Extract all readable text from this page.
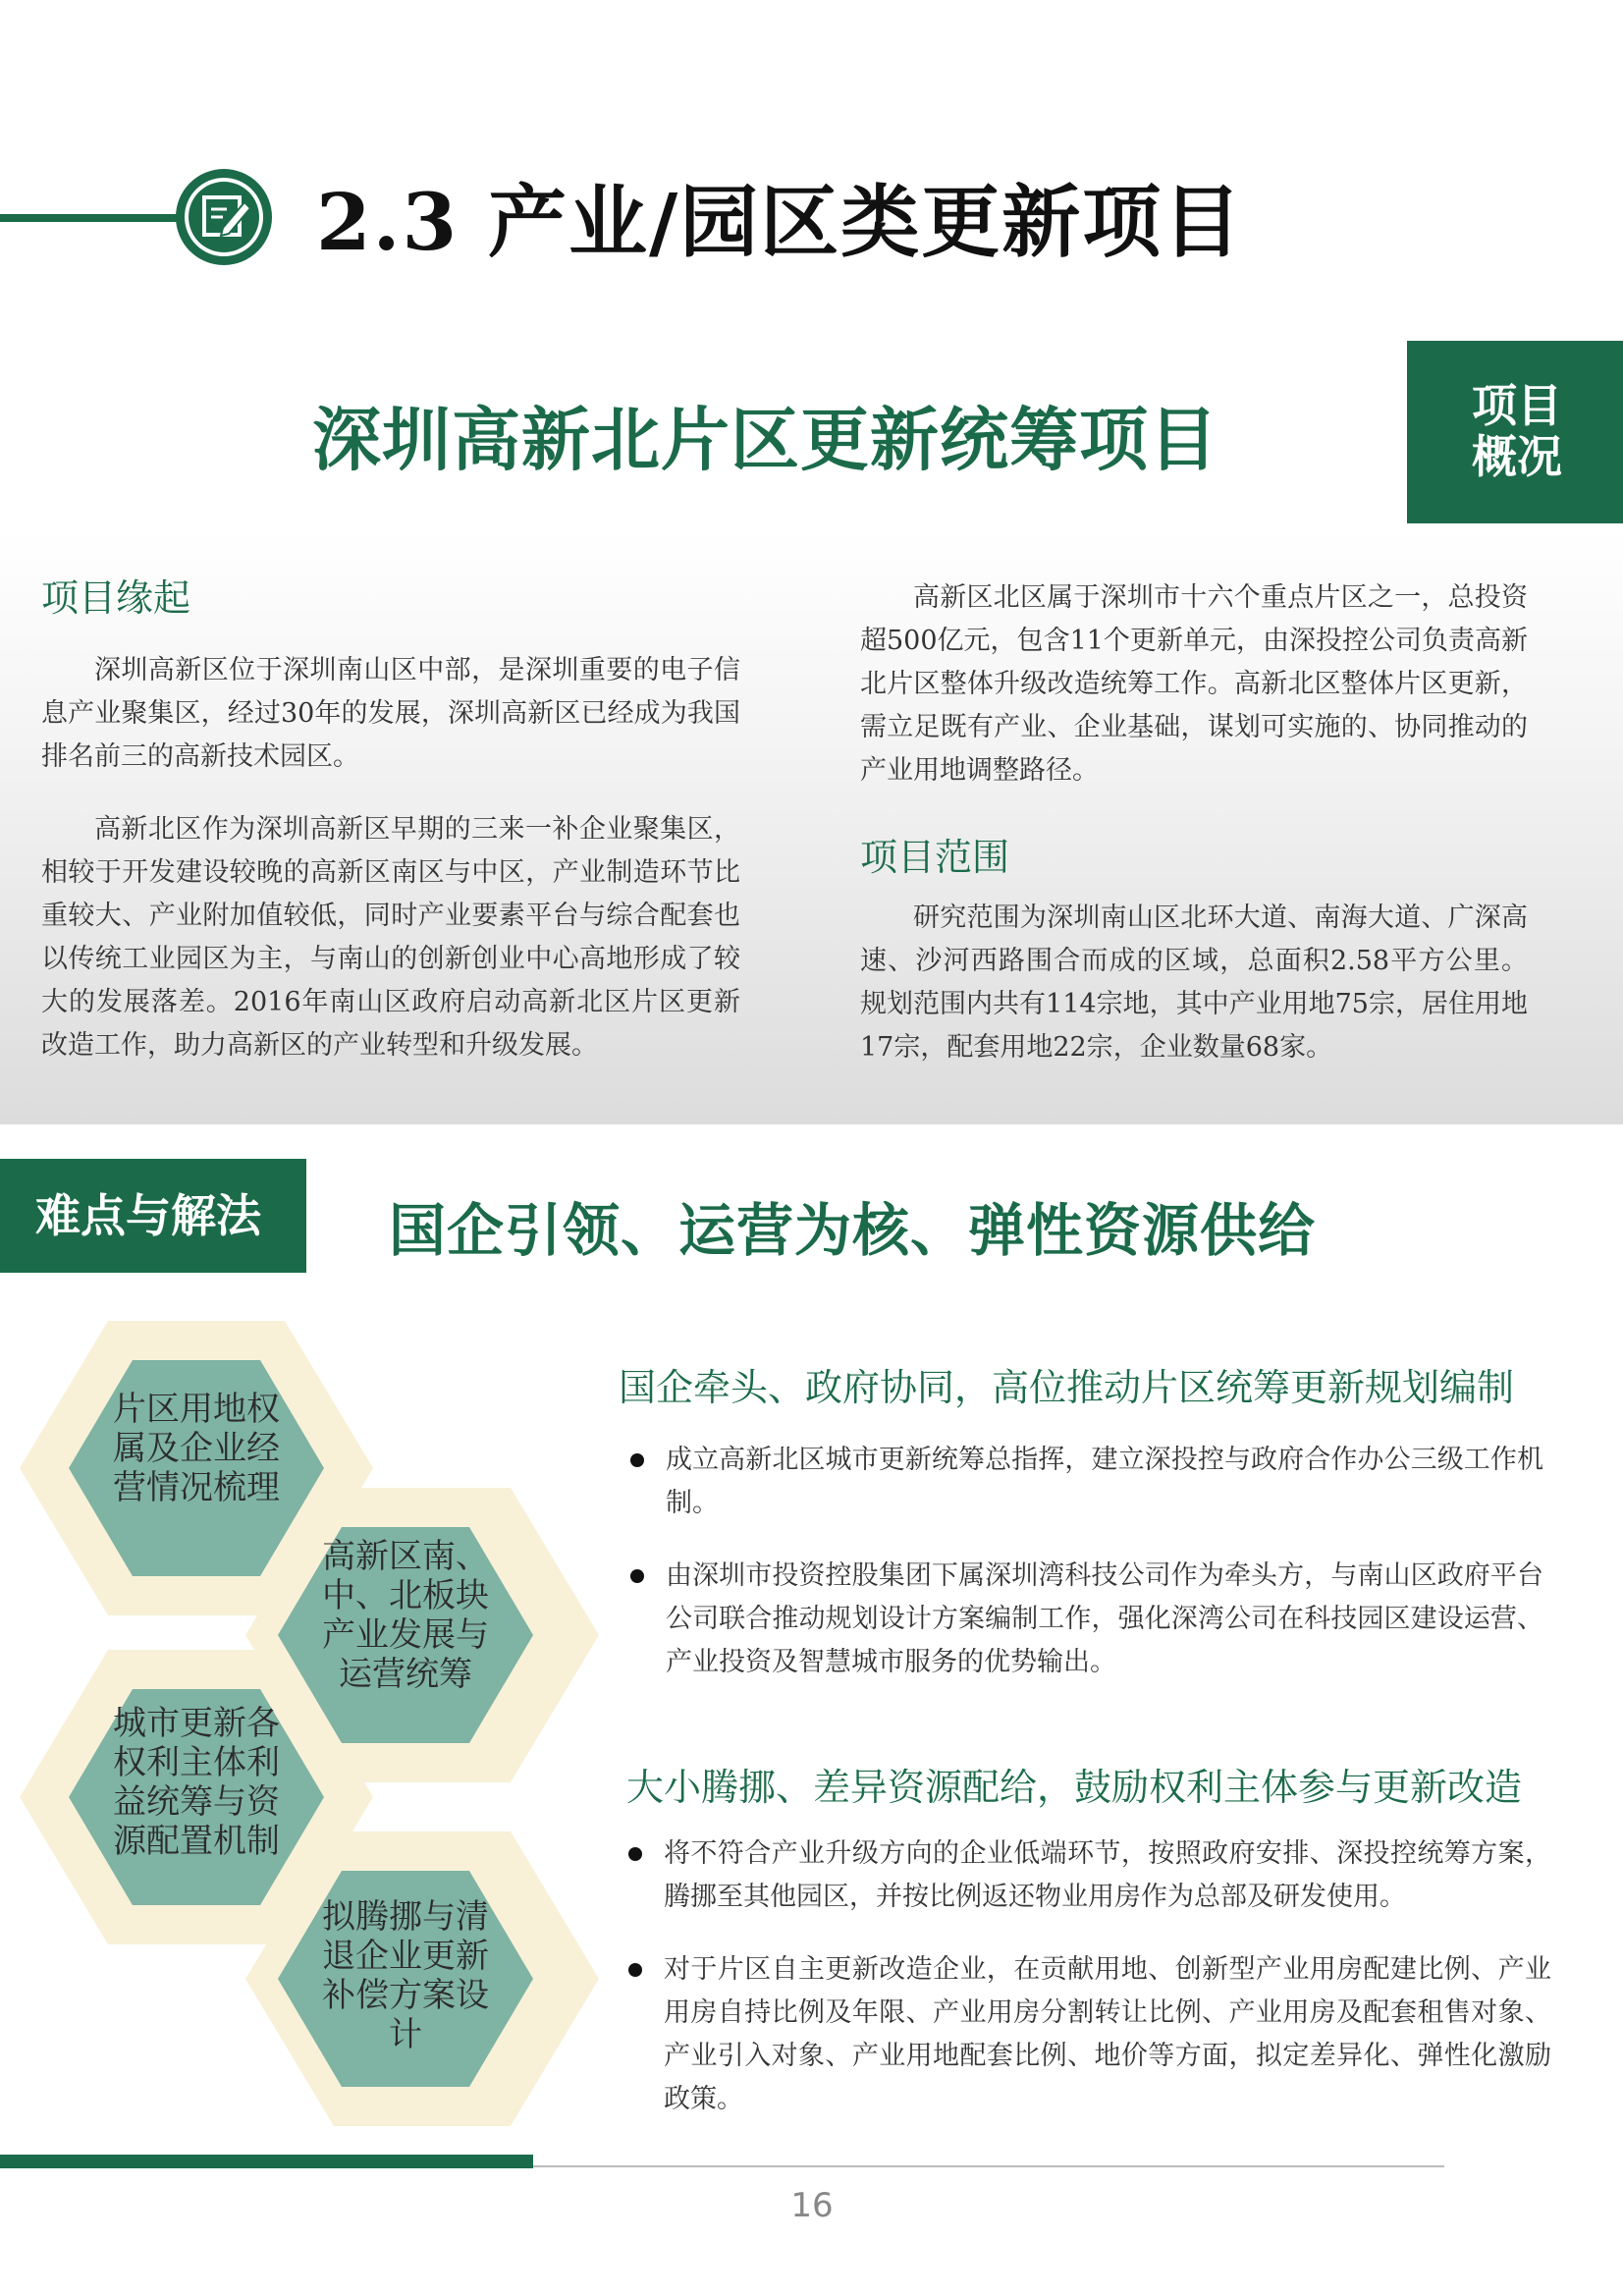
2.3 产业/园区类更新项目
深圳高新北片区更新统筹项目	项目
概况
项目缘起

深圳高新区位于深圳南山区中部，是深圳重要的电子信息产业聚集区，经过30年的发展，深圳高新区已经成为我国排名前三的高新技术园区。

高新北区作为深圳高新区早期的三来一补企业聚集区，相较于开发建设较晚的高新区南区与中区，产业制造环节比重较大、产业附加值较低，同时产业要素平台与综合配套也以传统工业园区为主，与南山的创新创业中心高地形成了较大的发展落差。2016年南山区政府启动高新北区片区更新改造工作，助力高新区的产业转型和升级发展。

高新区北区属于深圳市十六个重点片区之一，总投资超500亿元，包含11个更新单元，由深投控公司负责高新北片区整体升级改造统筹工作。高新北区整体片区更新，需立足既有产业、企业基础，谋划可实施的、协同推动的产业用地调整路径。

项目范围

研究范围为深圳南山区北环大道、南海大道、广深高速、沙河西路围合而成的区域，总面积2.58平方公里。规划范围内共有114宗地，其中产业用地75宗，居住用地17宗，配套用地22宗，企业数量68家。

难点与解法	国企引领、运营为核、弹性资源供给
片区用地权属及企业经营情况梳理
高新区南、中、北板块产业发展与运营统筹
城市更新各权利主体利益统筹与资源配置机制
拟腾挪与清退企业更新补偿方案设计
国企牵头、政府协同，高位推动片区统筹更新规划编制
成立高新北区城市更新统筹总指挥，建立深投控与政府合作办公三级工作机制。
由深圳市投资控股集团下属深圳湾科技公司作为牵头方，与南山区政府平台公司联合推动规划设计方案编制工作，强化深湾公司在科技园区建设运营、产业投资及智慧城市服务的优势输出。
大小腾挪、差异资源配给，鼓励权利主体参与更新改造
将不符合产业升级方向的企业低端环节，按照政府安排、深投控统筹方案，腾挪至其他园区，并按比例返还物业用房作为总部及研发使用。
对于片区自主更新改造企业，在贡献用地、创新型产业用房配建比例、产业用房自持比例及年限、产业用房分割转让比例、产业用房及配套租售对象、产业引入对象、产业用地配套比例、地价等方面，拟定差异化、弹性化激励政策。
16
